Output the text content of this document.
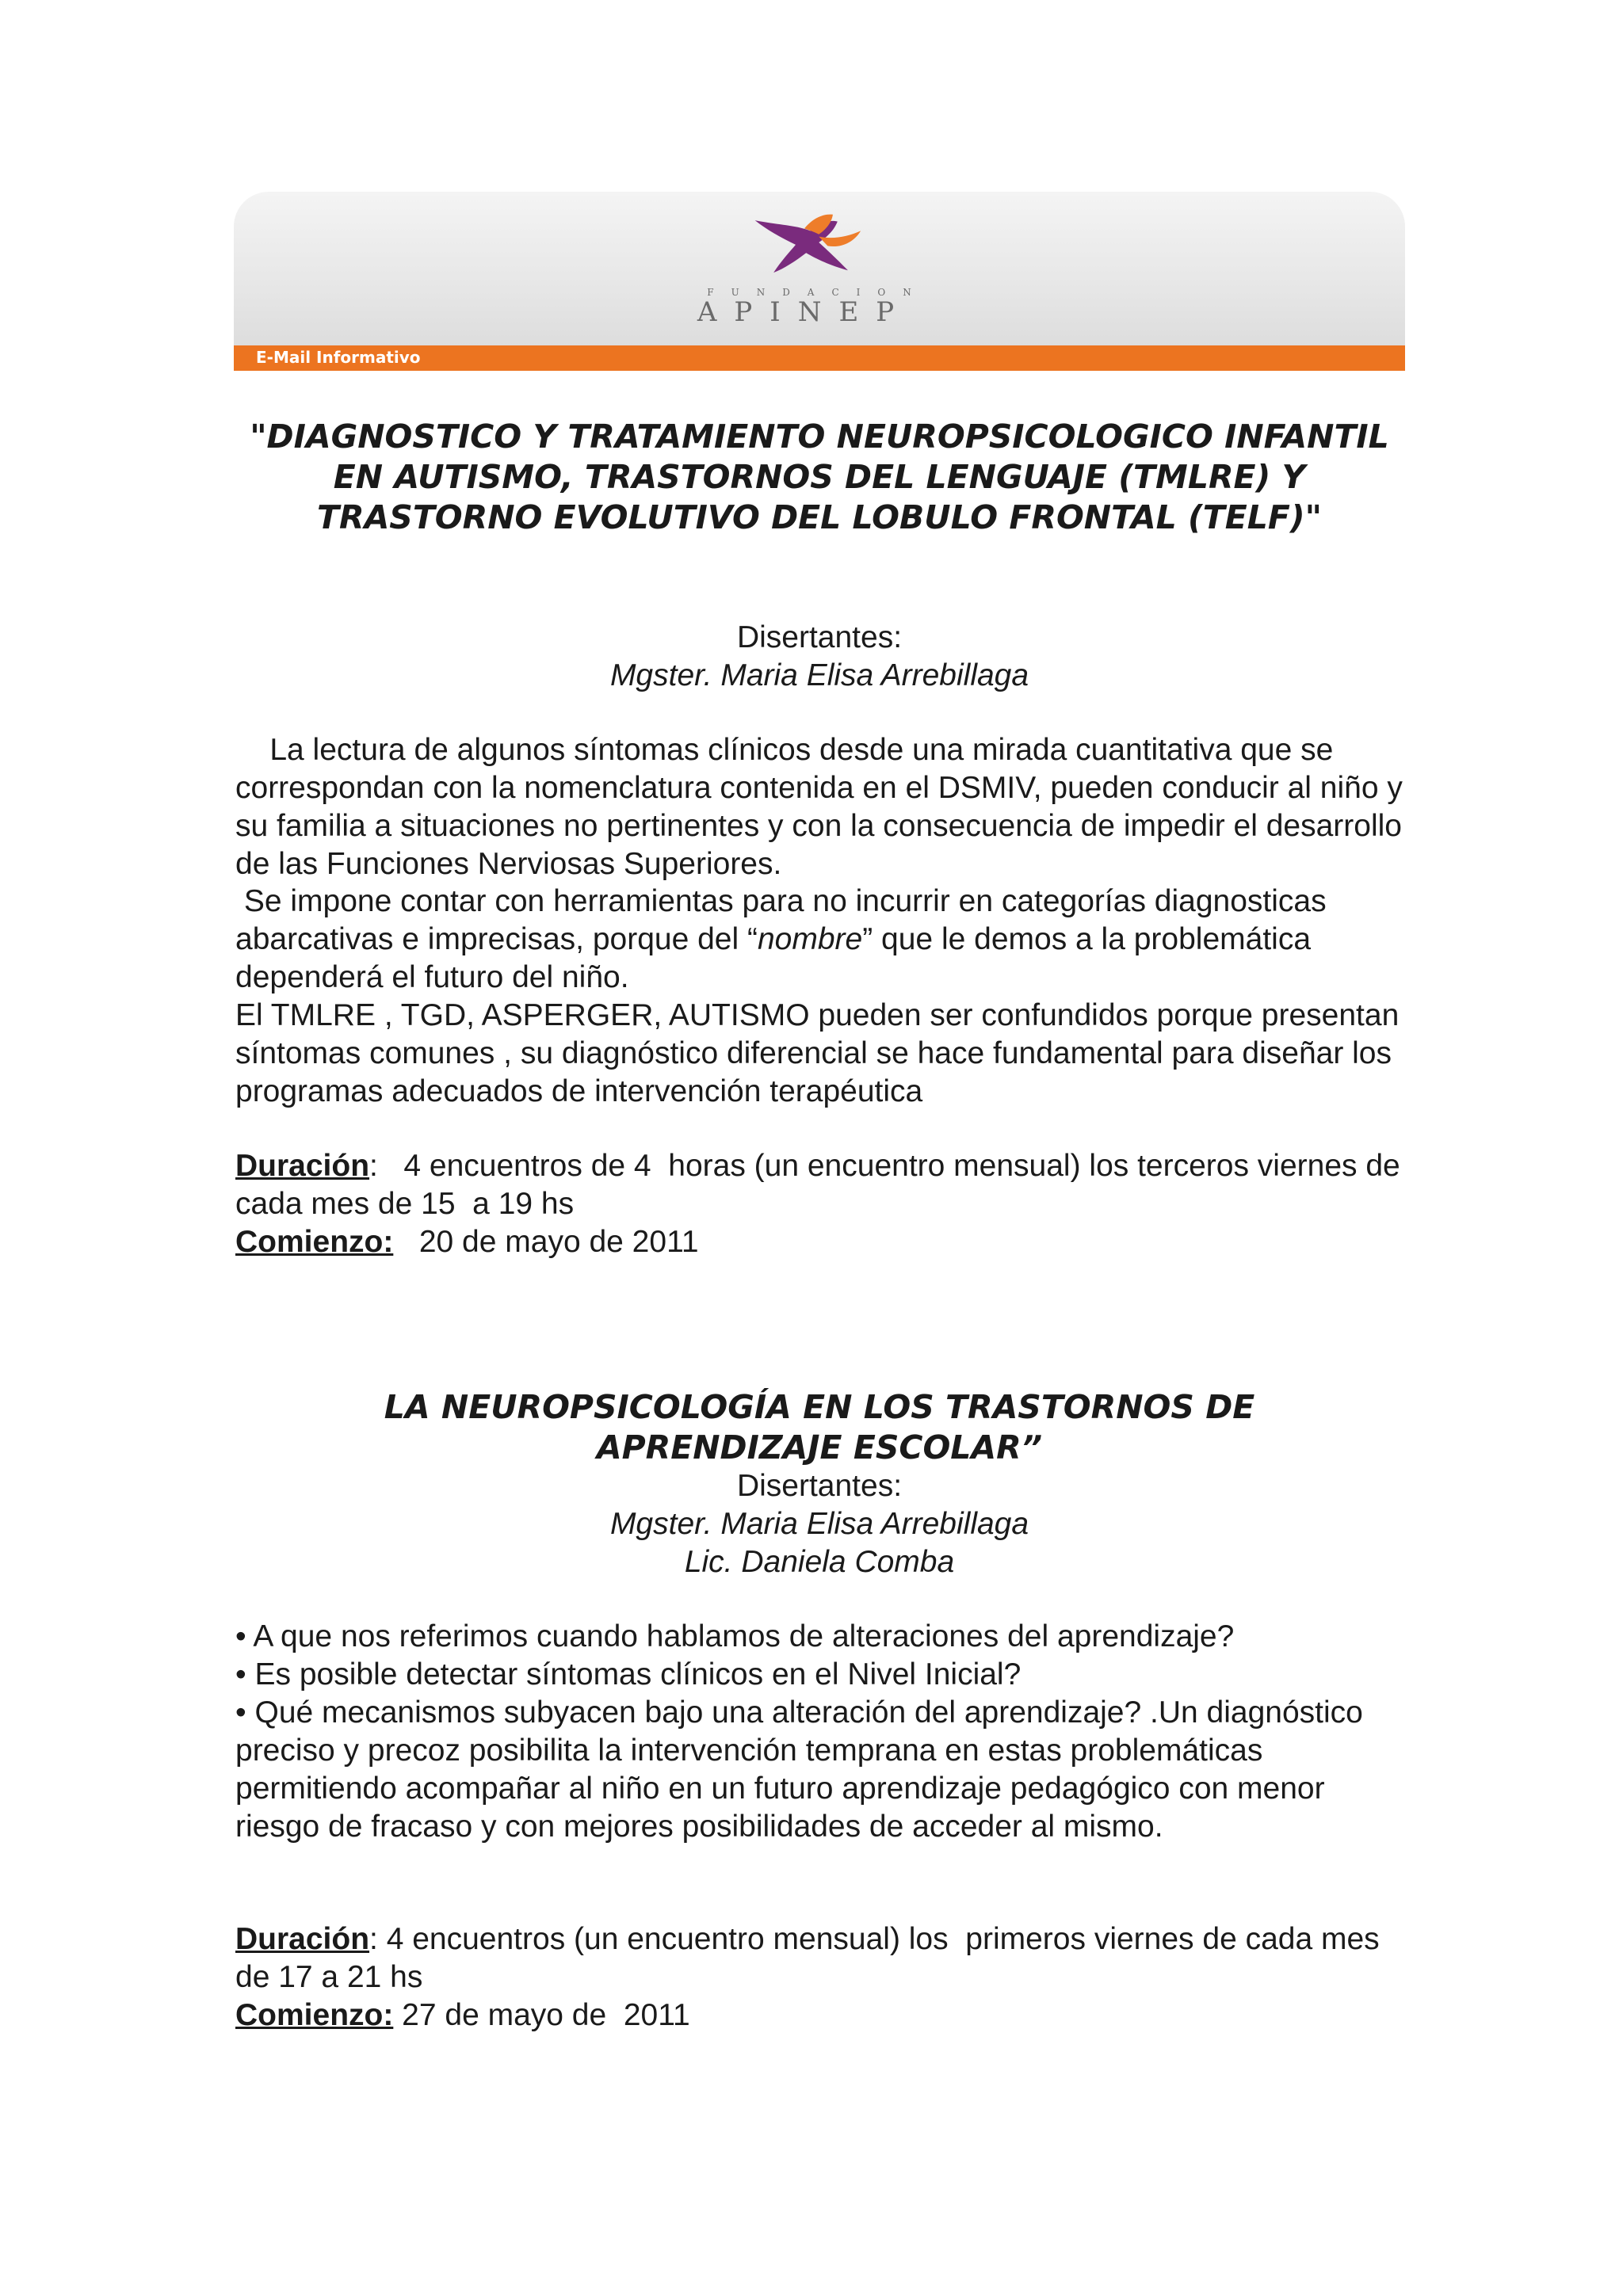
FUNDACION
APINEP
E-Mail Informativo

"DIAGNOSTICO Y TRATAMIENTO NEUROPSICOLOGICO INFANTIL EN AUTISMO, TRASTORNOS DEL LENGUAJE (TMLRE) Y TRASTORNO EVOLUTIVO DEL LOBULO FRONTAL (TELF)"

Disertantes:

Mgster. Maria Elisa Arrebillaga

La lectura de algunos síntomas clínicos desde una mirada cuantitativa que se correspondan con la nomenclatura contenida en el DSMIV, pueden conducir al niño y su familia a situaciones no pertinentes y con la consecuencia de impedir el desarrollo de las Funciones Nerviosas Superiores.

Se impone contar con herramientas para no incurrir en categorías diagnosticas abarcativas e imprecisas, porque del “nombre” que le demos a la problemática dependerá el futuro del niño.

El TMLRE , TGD, ASPERGER, AUTISMO pueden ser confundidos porque presentan síntomas comunes , su diagnóstico diferencial se hace fundamental para diseñar los programas adecuados de intervención terapéutica

Duración:   4 encuentros de 4  horas (un encuentro mensual) los terceros viernes de cada mes de 15  a 19 hs

Comienzo:   20 de mayo de 2011

LA NEUROPSICOLOGÍA EN LOS TRASTORNOS DE

APRENDIZAJE ESCOLAR”

Disertantes:

Mgster. Maria Elisa Arrebillaga

Lic. Daniela Comba

• A que nos referimos cuando hablamos de alteraciones del aprendizaje?

• Es posible detectar síntomas clínicos en el Nivel Inicial?

• Qué mecanismos subyacen bajo una alteración del aprendizaje? .Un diagnóstico preciso y precoz posibilita la intervención temprana en estas problemáticas permitiendo acompañar al niño en un futuro aprendizaje pedagógico con menor riesgo de fracaso y con mejores posibilidades de acceder al mismo.

Duración: 4 encuentros (un encuentro mensual) los  primeros viernes de cada mes de 17 a 21 hs

Comienzo: 27 de mayo de  2011
